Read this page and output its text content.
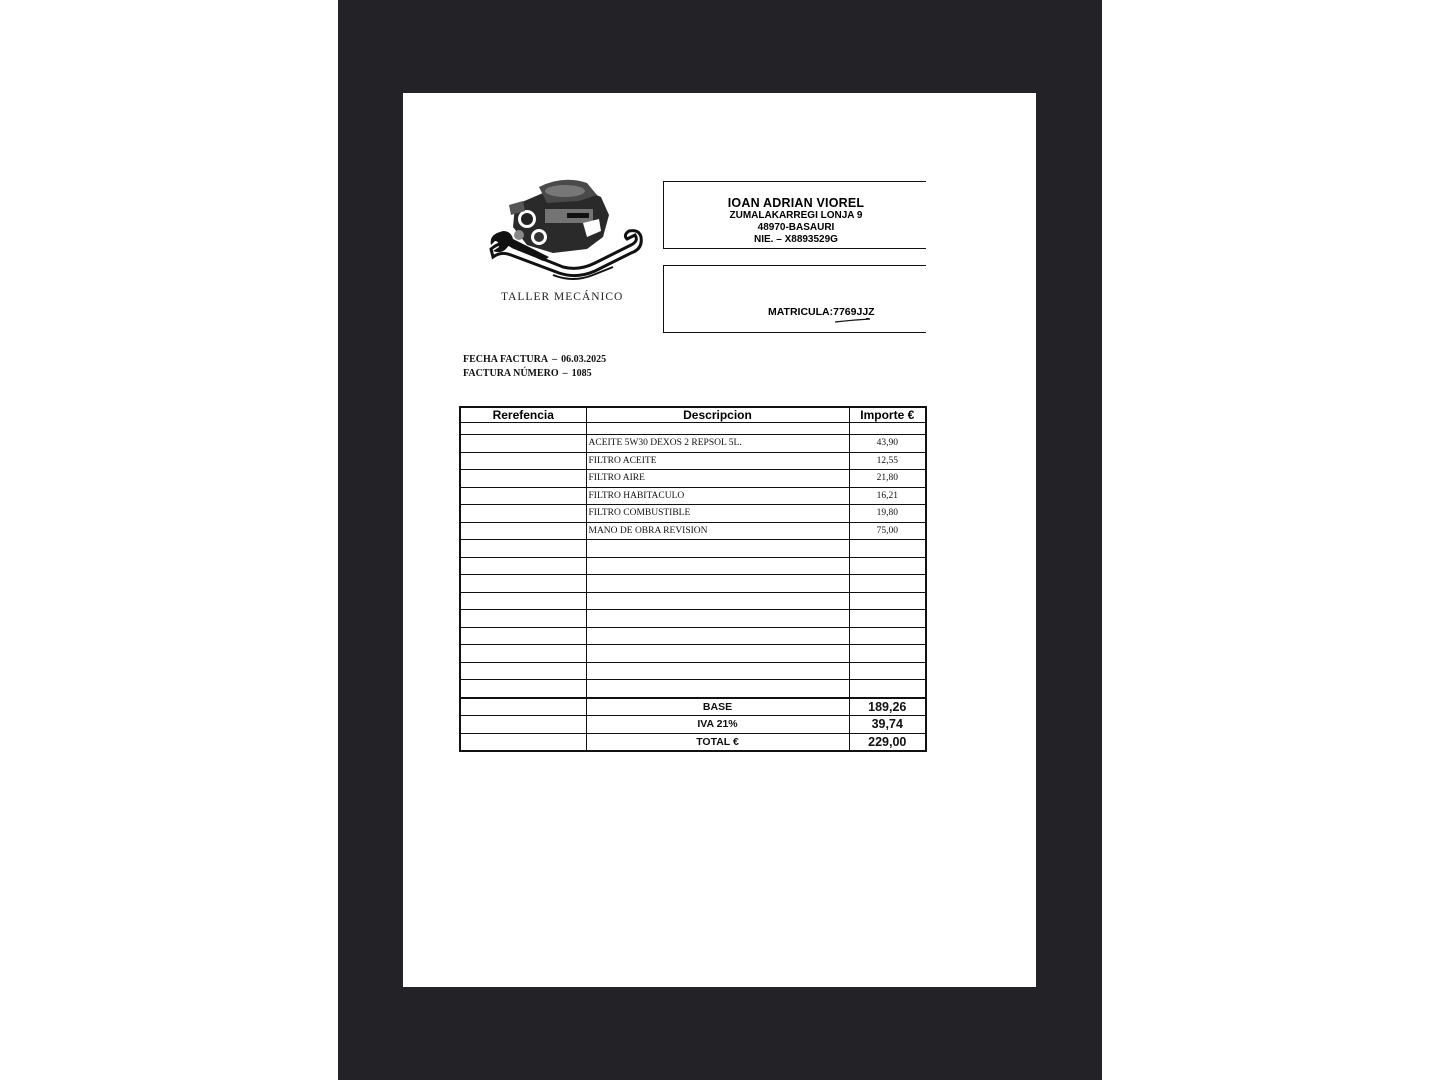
TALLER MECÁNICO
IOAN ADRIAN VIOREL
ZUMALAKARREGI LONJA 9
48970-BASAURI
NIE. – X8893529G
MATRICULA:7769JJZ
FECHA FACTURA – 06.03.2025
FACTURA NÚMERO – 1085
Rerefencia	Descripcion	Importe €

	ACEITE 5W30 DEXOS 2 REPSOL 5L.	43,90
	FILTRO ACEITE	12,55
	FILTRO AIRE	21,80
	FILTRO HABITACULO	16,21
	FILTRO COMBUSTIBLE	19,80
	MANO DE OBRA REVISION	75,00

	BASE	189,26
	IVA 21%	39,74
	TOTAL €	229,00
